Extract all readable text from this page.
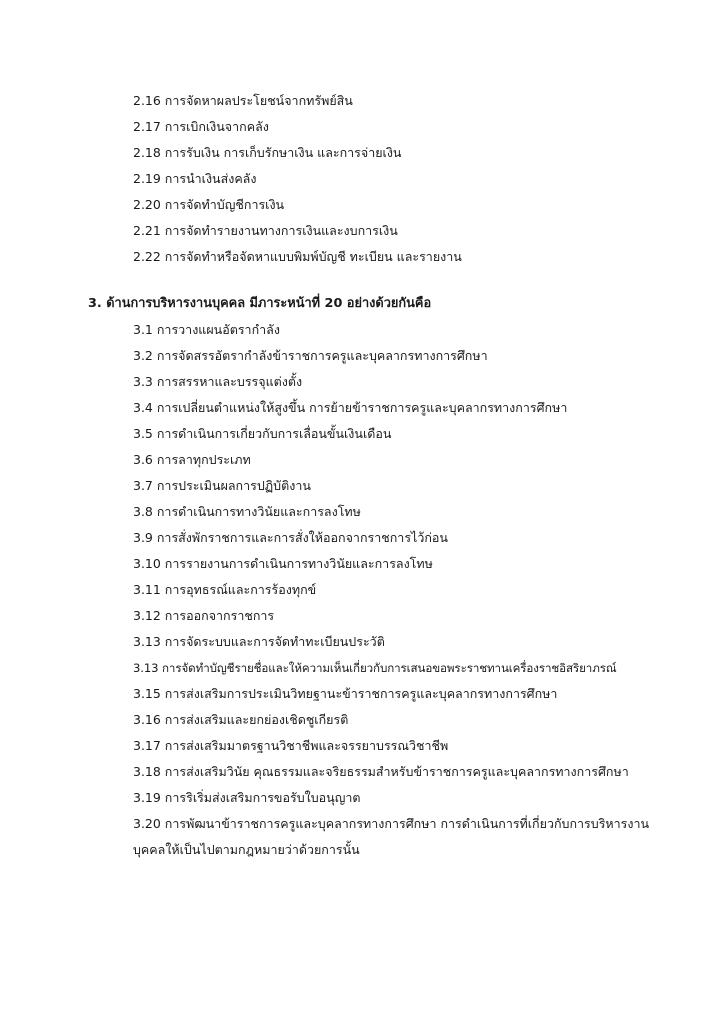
2.16 การจัดหาผลประโยชน์จากทรัพย์สิน
2.17 การเบิกเงินจากคลัง
2.18 การรับเงิน การเก็บรักษาเงิน และการจ่ายเงิน
2.19 การนำเงินส่งคลัง
2.20 การจัดทำบัญชีการเงิน
2.21 การจัดทำรายงานทางการเงินและงบการเงิน
2.22 การจัดทำหรือจัดหาแบบพิมพ์บัญชี ทะเบียน และรายงาน
3. ด้านการบริหารงานบุคคล มีภาระหน้าที่ 20 อย่างด้วยกันคือ
3.1 การวางแผนอัตรากำลัง
3.2 การจัดสรรอัตรากำลังข้าราชการครูและบุคลากรทางการศึกษา
3.3 การสรรหาและบรรจุแต่งตั้ง
3.4 การเปลี่ยนตำแหน่งให้สูงขึ้น การย้ายข้าราชการครูและบุคลากรทางการศึกษา
3.5 การดำเนินการเกี่ยวกับการเลื่อนขั้นเงินเดือน
3.6 การลาทุกประเภท
3.7 การประเมินผลการปฏิบัติงาน
3.8 การดำเนินการทางวินัยและการลงโทษ
3.9 การสั่งพักราชการและการสั่งให้ออกจากราชการไว้ก่อน
3.10 การรายงานการดำเนินการทางวินัยและการลงโทษ
3.11 การอุทธรณ์และการร้องทุกข์
3.12 การออกจากราชการ
3.13 การจัดระบบและการจัดทำทะเบียนประวัติ
3.13 การจัดทำบัญชีรายชื่อและให้ความเห็นเกี่ยวกับการเสนอขอพระราชทานเครื่องราชอิสริยาภรณ์
3.15 การส่งเสริมการประเมินวิทยฐานะข้าราชการครูและบุคลากรทางการศึกษา
3.16 การส่งเสริมและยกย่องเชิดชูเกียรติ
3.17 การส่งเสริมมาตรฐานวิชาชีพและจรรยาบรรณวิชาชีพ
3.18 การส่งเสริมวินัย คุณธรรมและจริยธรรมสำหรับข้าราชการครูและบุคลากรทางการศึกษา
3.19 การริเริ่มส่งเสริมการขอรับใบอนุญาต
3.20 การพัฒนาข้าราชการครูและบุคลากรทางการศึกษา การดำเนินการที่เกี่ยวกับการบริหารงาน
บุคคลให้เป็นไปตามกฎหมายว่าด้วยการนั้น
